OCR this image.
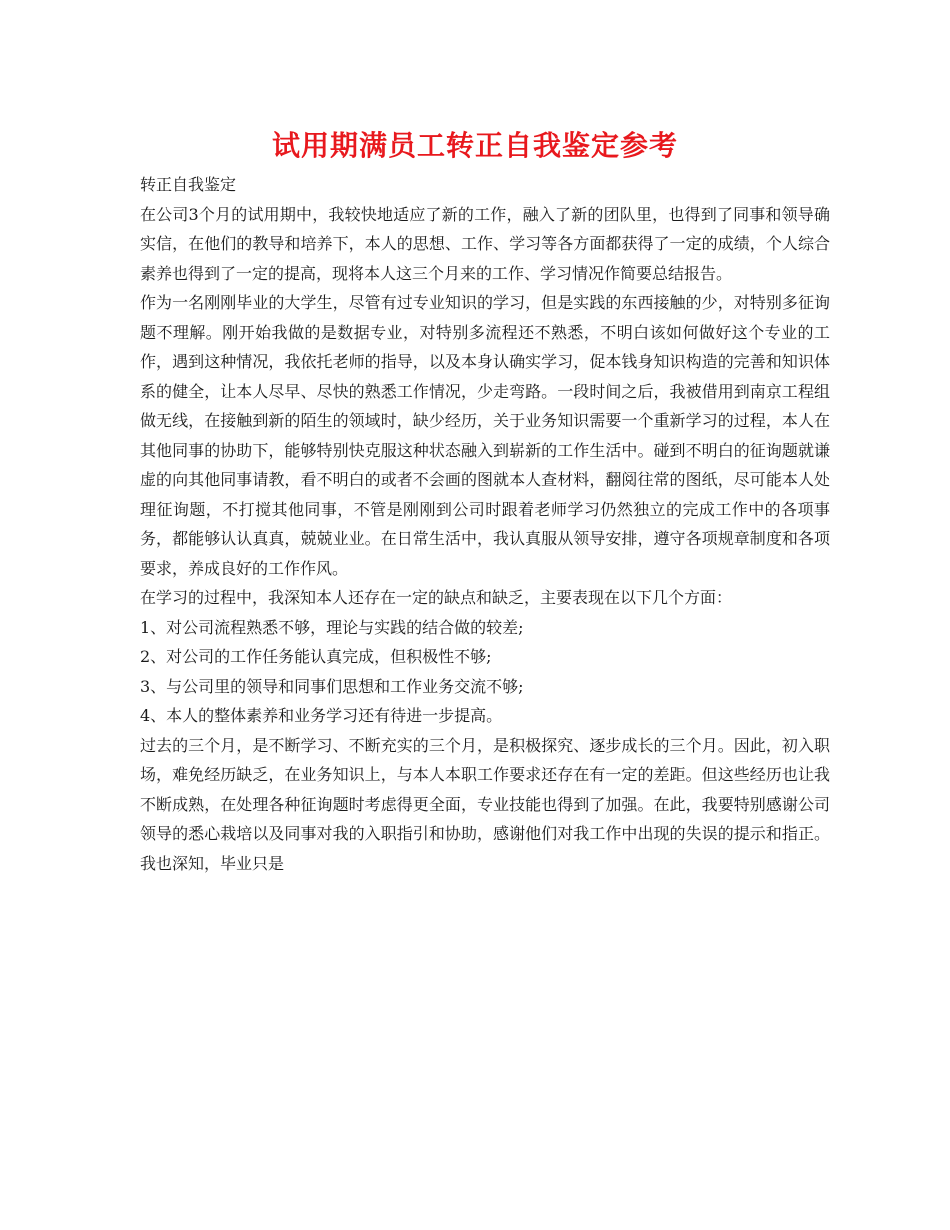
试用期满员工转正自我鉴定参考

转正自我鉴定

在公司3个月的试用期中，我较快地适应了新的工作，融入了新的团队里，也得到了同事和领导确实信，在他们的教导和培养下，本人的思想、工作、学习等各方面都获得了一定的成绩，个人综合素养也得到了一定的提高，现将本人这三个月来的工作、学习情况作简要总结报告。

作为一名刚刚毕业的大学生，尽管有过专业知识的学习，但是实践的东西接触的少，对特别多征询题不理解。刚开始我做的是数据专业，对特别多流程还不熟悉，不明白该如何做好这个专业的工作，遇到这种情况，我依托老师的指导，以及本身认确实学习，促本钱身知识构造的完善和知识体系的健全，让本人尽早、尽快的熟悉工作情况，少走弯路。一段时间之后，我被借用到南京工程组做无线，在接触到新的陌生的领域时，缺少经历，关于业务知识需要一个重新学习的过程，本人在其他同事的协助下，能够特别快克服这种状态融入到崭新的工作生活中。碰到不明白的征询题就谦虚的向其他同事请教，看不明白的或者不会画的图就本人查材料，翻阅往常的图纸，尽可能本人处理征询题，不打搅其他同事，不管是刚刚到公司时跟着老师学习仍然独立的完成工作中的各项事务，都能够认认真真，兢兢业业。在日常生活中，我认真服从领导安排，遵守各项规章制度和各项要求，养成良好的工作作风。

在学习的过程中，我深知本人还存在一定的缺点和缺乏，主要表现在以下几个方面：

1、对公司流程熟悉不够，理论与实践的结合做的较差;

2、对公司的工作任务能认真完成，但积极性不够;

3、与公司里的领导和同事们思想和工作业务交流不够;

4、本人的整体素养和业务学习还有待进一步提高。

过去的三个月，是不断学习、不断充实的三个月，是积极探究、逐步成长的三个月。因此，初入职场，难免经历缺乏，在业务知识上，与本人本职工作要求还存在有一定的差距。但这些经历也让我不断成熟，在处理各种征询题时考虑得更全面，专业技能也得到了加强。在此，我要特别感谢公司领导的悉心栽培以及同事对我的入职指引和协助，感谢他们对我工作中出现的失误的提示和指正。我也深知，毕业只是
